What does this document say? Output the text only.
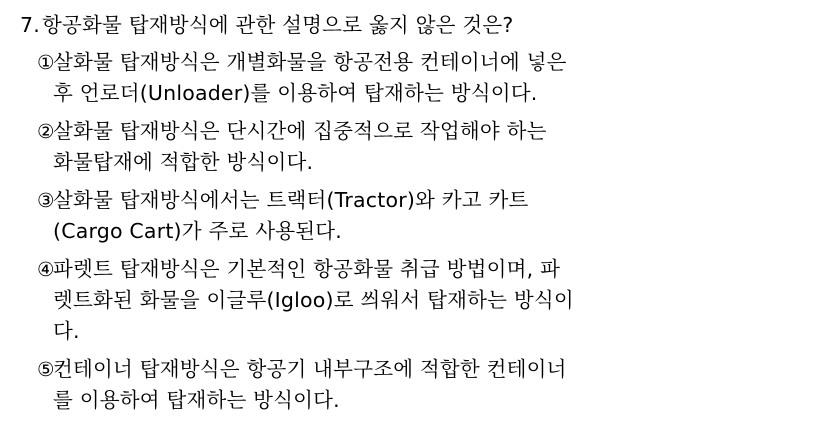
7. 항공화물 탑재방식에 관한 설명으로 옳지 않은 것은?
①
살화물 탑재방식은 개별화물을 항공전용 컨테이너에 넣은
후 언로더(Unloader)를 이용하여 탑재하는 방식이다.
②
살화물 탑재방식은 단시간에 집중적으로 작업해야 하는
화물탑재에 적합한 방식이다.
③
살화물 탑재방식에서는 트랙터(Tractor)와 카고 카트
(Cargo Cart)가 주로 사용된다.
④
파렛트 탑재방식은 기본적인 항공화물 취급 방법이며, 파
렛트화된 화물을 이글루(Igloo)로 씌워서 탑재하는 방식이
다.
⑤
컨테이너 탑재방식은 항공기 내부구조에 적합한 컨테이너
를 이용하여 탑재하는 방식이다.
